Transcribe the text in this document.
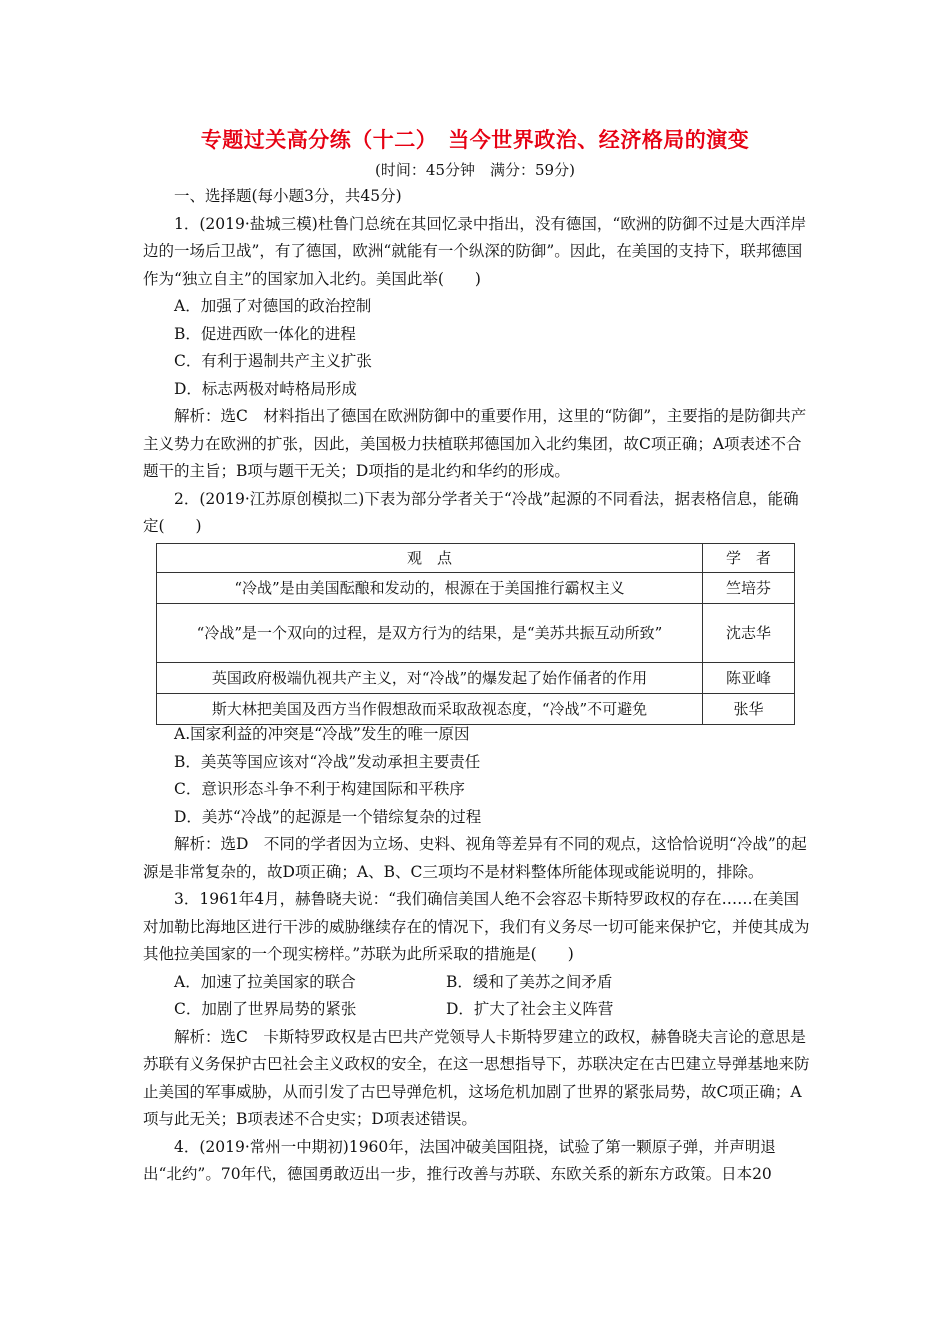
专题过关高分练（十二）　当今世界政治、经济格局的演变
(时间：45分钟　满分：59分)

一、选择题(每小题3分，共45分)

1．(2019·盐城三模)杜鲁门总统在其回忆录中指出，没有德国，“欧洲的防御不过是大西洋岸边的一场后卫战”，有了德国，欧洲“就能有一个纵深的防御”。因此，在美国的支持下，联邦德国作为“独立自主”的国家加入北约。美国此举(　　)

A．加强了对德国的政治控制

B．促进西欧一体化的进程

C．有利于遏制共产主义扩张

D．标志两极对峙格局形成

解析：选C　材料指出了德国在欧洲防御中的重要作用，这里的“防御”，主要指的是防御共产主义势力在欧洲的扩张，因此，美国极力扶植联邦德国加入北约集团，故C项正确；A项表述不合题干的主旨；B项与题干无关；D项指的是北约和华约的形成。

2．(2019·江苏原创模拟二)下表为部分学者关于“冷战”起源的不同看法，据表格信息，能确定(　　)

观　点	学　者
“冷战”是由美国酝酿和发动的，根源在于美国推行霸权主义	竺培芬
“冷战”是一个双向的过程，是双方行为的结果，是“美苏共振互动所致”	沈志华
英国政府极端仇视共产主义，对“冷战”的爆发起了始作俑者的作用	陈亚峰
斯大林把美国及西方当作假想敌而采取敌视态度，“冷战”不可避免	张华

A.国家利益的冲突是“冷战”发生的唯一原因

B．美英等国应该对“冷战”发动承担主要责任

C．意识形态斗争不利于构建国际和平秩序

D．美苏“冷战”的起源是一个错综复杂的过程

解析：选D　不同的学者因为立场、史料、视角等差异有不同的观点，这恰恰说明“冷战”的起源是非常复杂的，故D项正确；A、B、C三项均不是材料整体所能体现或能说明的，排除。

3．1961年4月，赫鲁晓夫说：“我们确信美国人绝不会容忍卡斯特罗政权的存在……在美国对加勒比海地区进行干涉的威胁继续存在的情况下，我们有义务尽一切可能来保护它，并使其成为其他拉美国家的一个现实榜样。”苏联为此所采取的措施是(　　)

A．加速了拉美国家的联合	B．缓和了美苏之间矛盾
C．加剧了世界局势的紧张	D．扩大了社会主义阵营

解析：选C　卡斯特罗政权是古巴共产党领导人卡斯特罗建立的政权，赫鲁晓夫言论的意思是苏联有义务保护古巴社会主义政权的安全，在这一思想指导下，苏联决定在古巴建立导弹基地来防止美国的军事威胁，从而引发了古巴导弹危机，这场危机加剧了世界的紧张局势，故C项正确；A项与此无关；B项表述不合史实；D项表述错误。

4．(2019·常州一中期初)1960年，法国冲破美国阻挠，试验了第一颗原子弹，并声明退出“北约”。70年代，德国勇敢迈出一步，推行改善与苏联、东欧关系的新东方政策。日本20
